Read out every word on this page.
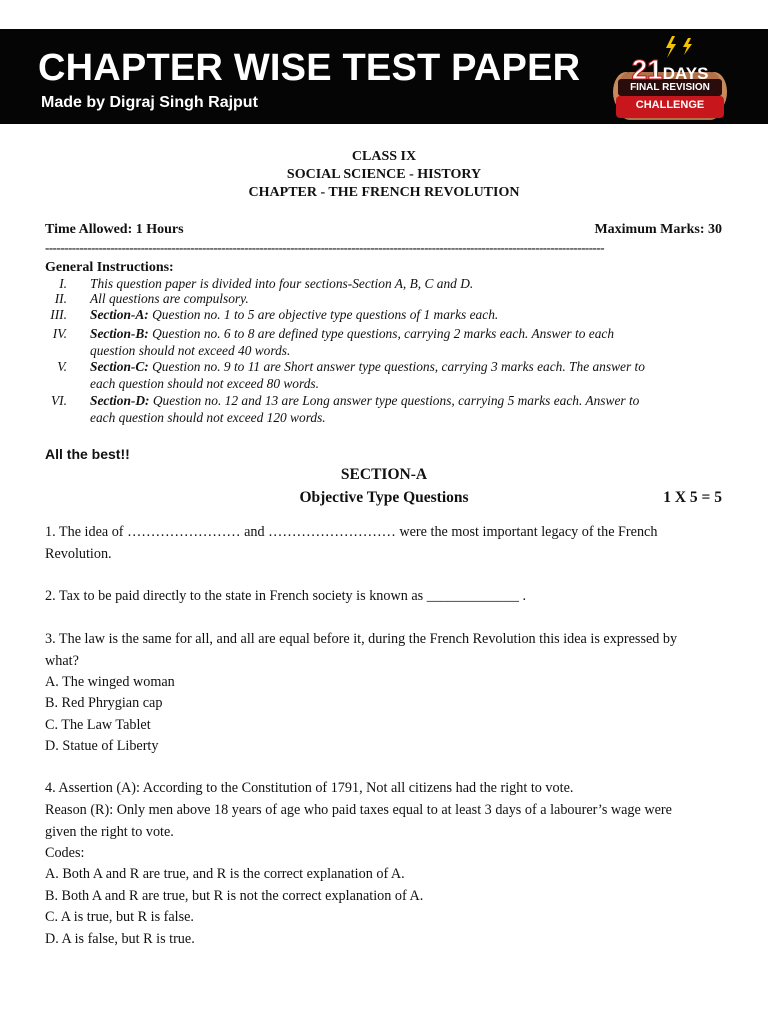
CHAPTER WISE TEST PAPER
Made by Digraj Singh Rajput
21DAYS
FINAL REVISION
CHALLENGE
CLASS IX
SOCIAL SCIENCE - HISTORY
CHAPTER - THE FRENCH REVOLUTION
Time Allowed: 1 Hours	Maximum Marks: 30
--------------------------------------------------------------------------------------------------------------------------------------------------
General Instructions:
I. This question paper is divided into four sections-Section A, B, C and D.
II. All questions are compulsory.
III. Section-A: Question no. 1 to 5 are objective type questions of 1 marks each.
IV. Section-B: Question no. 6 to 8 are defined type questions, carrying 2 marks each. Answer to each
question should not exceed 40 words.
V. Section-C: Question no. 9 to 11 are Short answer type questions, carrying 3 marks each. The answer to
each question should not exceed 80 words.
VI. Section-D: Question no. 12 and 13 are Long answer type questions, carrying 5 marks each. Answer to
each question should not exceed 120 words.
All the best!!
SECTION-A
Objective Type Questions	1 X 5 = 5
1. The idea of …………………… and ……………………… were the most important legacy of the French
Revolution.
2. Tax to be paid directly to the state in French society is known as _____________ .
3. The law is the same for all, and all are equal before it, during the French Revolution this idea is expressed by
what?
A. The winged woman
B. Red Phrygian cap
C. The Law Tablet
D. Statue of Liberty
4. Assertion (A): According to the Constitution of 1791, Not all citizens had the right to vote.
Reason (R): Only men above 18 years of age who paid taxes equal to at least 3 days of a labourer’s wage were
given the right to vote.
Codes:
A. Both A and R are true, and R is the correct explanation of A.
B. Both A and R are true, but R is not the correct explanation of A.
C. A is true, but R is false.
D. A is false, but R is true.
